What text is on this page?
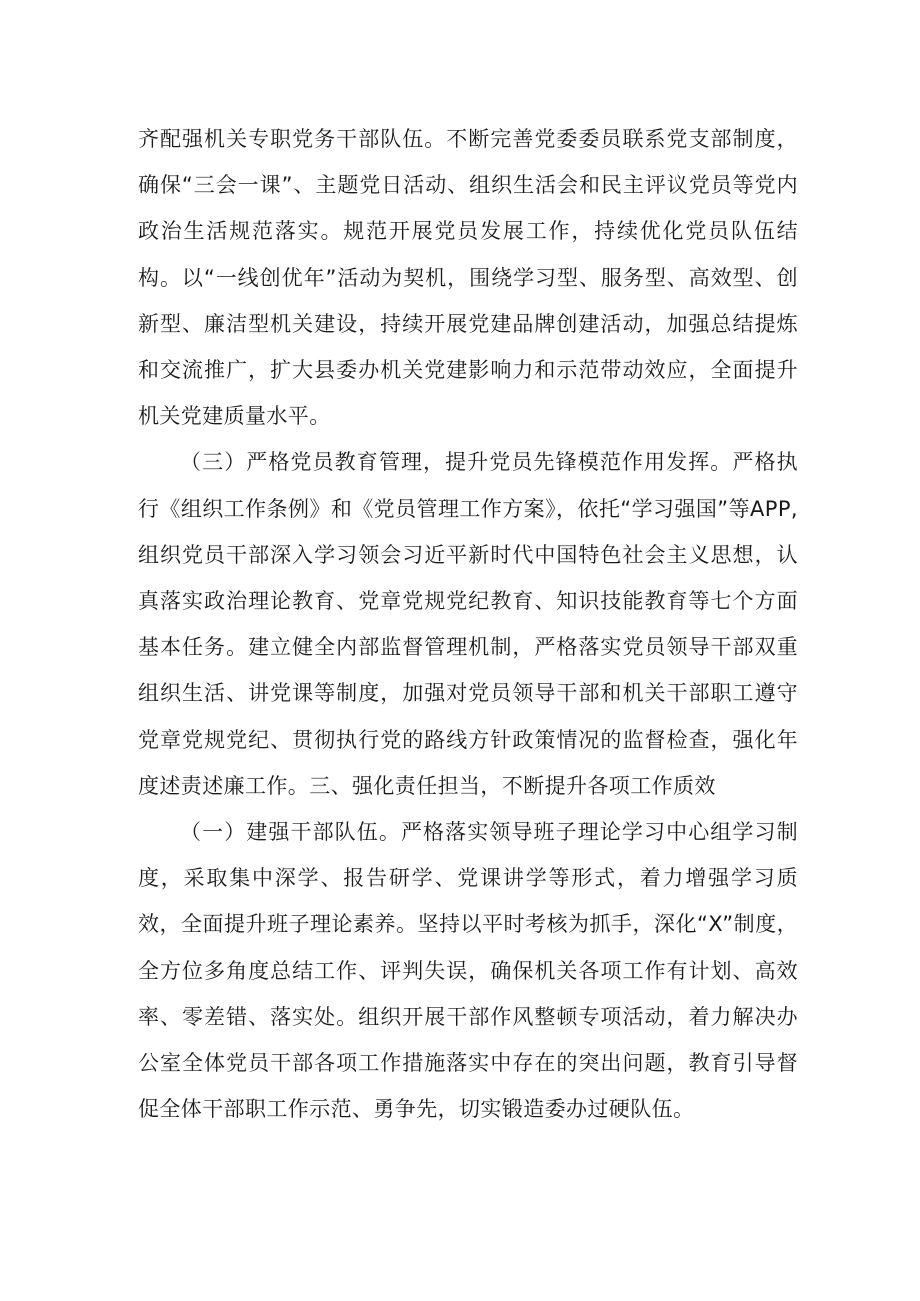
齐配强机关专职党务干部队伍。不断完善党委委员联系党支部制度，确保“三会一课”、主题党日活动、组织生活会和民主评议党员等党内政治生活规范落实。规范开展党员发展工作，持续优化党员队伍结构。以“一线创优年”活动为契机，围绕学习型、服务型、高效型、创新型、廉洁型机关建设，持续开展党建品牌创建活动，加强总结提炼和交流推广，扩大县委办机关党建影响力和示范带动效应，全面提升机关党建质量水平。

（三）严格党员教育管理，提升党员先锋模范作用发挥。严格执行《组织工作条例》和《党员管理工作方案》，依托“学习强国”等APP,组织党员干部深入学习领会习近平新时代中国特色社会主义思想，认真落实政治理论教育、党章党规党纪教育、知识技能教育等七个方面基本任务。建立健全内部监督管理机制，严格落实党员领导干部双重组织生活、讲党课等制度，加强对党员领导干部和机关干部职工遵守党章党规党纪、贯彻执行党的路线方针政策情况的监督检查，强化年度述责述廉工作。三、强化责任担当，不断提升各项工作质效

（一）建强干部队伍。严格落实领导班子理论学习中心组学习制度，采取集中深学、报告研学、党课讲学等形式，着力增强学习质效，全面提升班子理论素养。坚持以平时考核为抓手，深化“X”制度，全方位多角度总结工作、评判失误，确保机关各项工作有计划、高效率、零差错、落实处。组织开展干部作风整顿专项活动，着力解决办公室全体党员干部各项工作措施落实中存在的突出问题，教育引导督促全体干部职工作示范、勇争先，切实锻造委办过硬队伍。
